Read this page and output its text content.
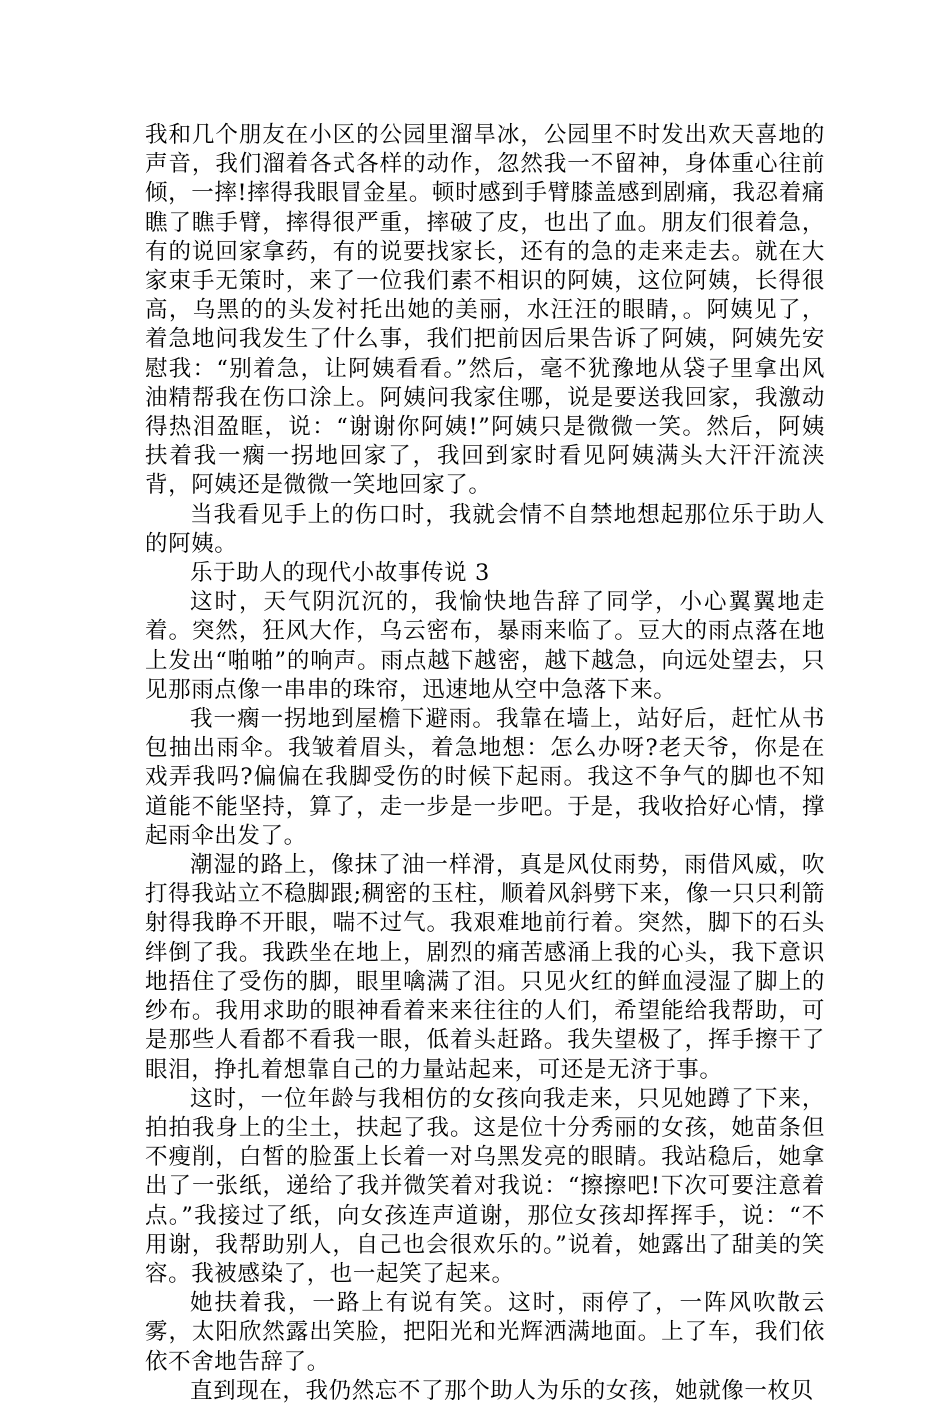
我和几个朋友在小区的公园里溜旱冰，公园里不时发出欢天喜地的声音，我们溜着各式各样的动作，忽然我一不留神，身体重心往前倾，一摔!摔得我眼冒金星。顿时感到手臂膝盖感到剧痛，我忍着痛瞧了瞧手臂，摔得很严重，摔破了皮，也出了血。朋友们很着急，有的说回家拿药，有的说要找家长，还有的急的走来走去。就在大家束手无策时，来了一位我们素不相识的阿姨，这位阿姨，长得很高，乌黑的的头发衬托出她的美丽，水汪汪的眼睛，。阿姨见了，着急地问我发生了什么事，我们把前因后果告诉了阿姨，阿姨先安慰我：“别着急，让阿姨看看。”然后，毫不犹豫地从袋子里拿出风油精帮我在伤口涂上。阿姨问我家住哪，说是要送我回家，我激动得热泪盈眶，说：“谢谢你阿姨!”阿姨只是微微一笑。然后，阿姨扶着我一瘸一拐地回家了，我回到家时看见阿姨满头大汗汗流浃背，阿姨还是微微一笑地回家了。

当我看见手上的伤口时，我就会情不自禁地想起那位乐于助人的阿姨。

乐于助人的现代小故事传说 3

这时，天气阴沉沉的，我愉快地告辞了同学，小心翼翼地走着。突然，狂风大作，乌云密布，暴雨来临了。豆大的雨点落在地上发出“啪啪”的响声。雨点越下越密，越下越急，向远处望去，只见那雨点像一串串的珠帘，迅速地从空中急落下来。

我一瘸一拐地到屋檐下避雨。我靠在墙上，站好后，赶忙从书包抽出雨伞。我皱着眉头，着急地想：怎么办呀?老天爷，你是在戏弄我吗?偏偏在我脚受伤的时候下起雨。我这不争气的脚也不知道能不能坚持，算了，走一步是一步吧。于是，我收拾好心情，撑起雨伞出发了。

潮湿的路上，像抹了油一样滑，真是风仗雨势，雨借风威，吹打得我站立不稳脚跟;稠密的玉柱，顺着风斜劈下来，像一只只利箭射得我睁不开眼，喘不过气。我艰难地前行着。突然，脚下的石头绊倒了我。我跌坐在地上，剧烈的痛苦感涌上我的心头，我下意识地捂住了受伤的脚，眼里噙满了泪。只见火红的鲜血浸湿了脚上的纱布。我用求助的眼神看着来来往往的人们，希望能给我帮助，可是那些人看都不看我一眼，低着头赶路。我失望极了，挥手擦干了眼泪，挣扎着想靠自己的力量站起来，可还是无济于事。

这时，一位年龄与我相仿的女孩向我走来，只见她蹲了下来，拍拍我身上的尘土，扶起了我。这是位十分秀丽的女孩，她苗条但不瘦削，白皙的脸蛋上长着一对乌黑发亮的眼睛。我站稳后，她拿出了一张纸，递给了我并微笑着对我说：“擦擦吧!下次可要注意着点。”我接过了纸，向女孩连声道谢，那位女孩却挥挥手，说：“不用谢，我帮助别人，自己也会很欢乐的。”说着，她露出了甜美的笑容。我被感染了，也一起笑了起来。

她扶着我，一路上有说有笑。这时，雨停了，一阵风吹散云雾，太阳欣然露出笑脸，把阳光和光辉洒满地面。上了车，我们依依不舍地告辞了。

直到现在，我仍然忘不了那个助人为乐的女孩，她就像一枚贝
